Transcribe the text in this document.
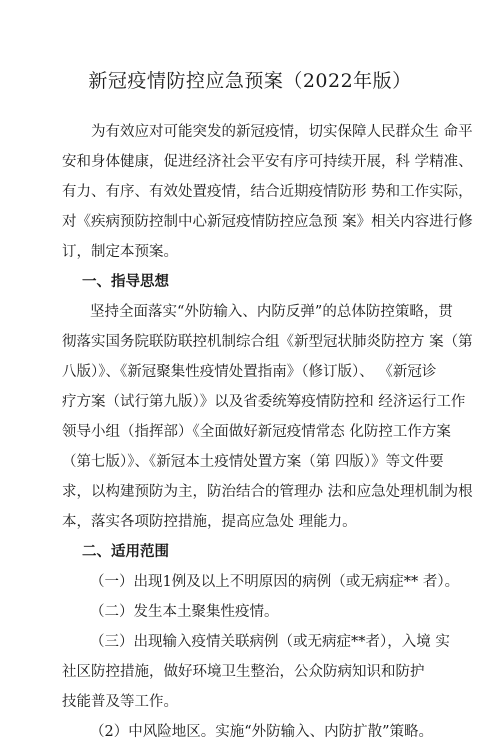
新冠疫情防控应急预案（2022年版）
为有效应对可能突发的新冠疫情，切实保障人民群众生 命平
安和身体健康，促进经济社会平安有序可持续开展，科 学精准、
有力、有序、有效处置疫情，结合近期疫情防形 势和工作实际，
对《疾病预防控制中心新冠疫情防控应急预 案》相关内容进行修
订，制定本预案。
一、指导思想
坚持全面落实“外防输入、内防反弹”的总体防控策略，贯
彻落实国务院联防联控机制综合组《新型冠状肺炎防控方 案（第
八版）》、《新冠聚集性疫情处置指南》（修订版）、 《新冠诊
疗方案（试行第九版）》以及省委统筹疫情防控和 经济运行工作
领导小组（指挥部）《全面做好新冠疫情常态 化防控工作方案
（第七版）》、《新冠本土疫情处置方案（第 四版）》等文件要
求，以构建预防为主，防治结合的管理办 法和应急处理机制为根
本，落实各项防控措施，提高应急处 理能力。
二、适用范围
（一）出现1例及以上不明原因的病例（或无病症** 者）。
（二）发生本土聚集性疫情。
（三）出现输入疫情关联病例（或无病症**者），入境 实
社区防控措施，做好环境卫生整治，公众防病知识和防护
技能普及等工作。
（2）中风险地区。实施“外防输入、内防扩散”策略。
